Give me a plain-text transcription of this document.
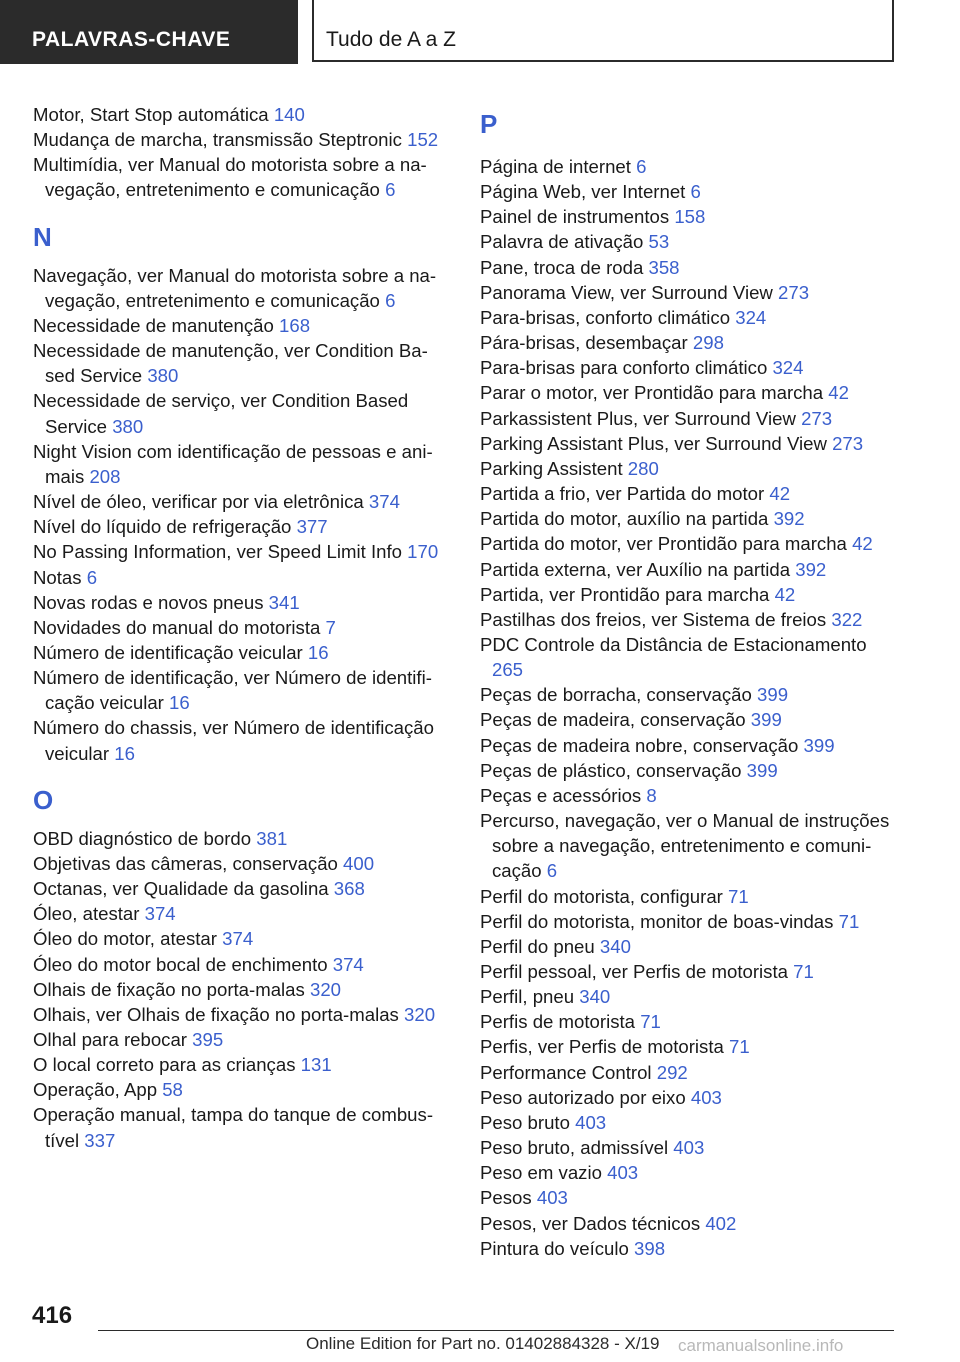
PALAVRAS-CHAVE	Tudo de A a Z
Motor, Start Stop automática 140
Mudança de marcha, transmissão Steptronic 152
Multimídia, ver Manual do motorista sobre a navegação, entretenimento e comunicação 6
N
Navegação, ver Manual do motorista sobre a navegação, entretenimento e comunicação 6
Necessidade de manutenção 168
Necessidade de manutenção, ver Condition Based Service 380
Necessidade de serviço, ver Condition Based Service 380
Night Vision com identificação de pessoas e animais 208
Nível de óleo, verificar por via eletrônica 374
Nível do líquido de refrigeração 377
No Passing Information, ver Speed Limit Info 170
Notas 6
Novas rodas e novos pneus 341
Novidades do manual do motorista 7
Número de identificação veicular 16
Número de identificação, ver Número de identificação veicular 16
Número do chassis, ver Número de identificação veicular 16
O
OBD diagnóstico de bordo 381
Objetivas das câmeras, conservação 400
Octanas, ver Qualidade da gasolina 368
Óleo, atestar 374
Óleo do motor, atestar 374
Óleo do motor bocal de enchimento 374
Olhais de fixação no porta-malas 320
Olhais, ver Olhais de fixação no porta-malas 320
Olhal para rebocar 395
O local correto para as crianças 131
Operação, App 58
Operação manual, tampa do tanque de combustível 337
P
Página de internet 6
Página Web, ver Internet 6
Painel de instrumentos 158
Palavra de ativação 53
Pane, troca de roda 358
Panorama View, ver Surround View 273
Para-brisas, conforto climático 324
Pára-brisas, desembaçar 298
Para-brisas para conforto climático 324
Parar o motor, ver Prontidão para marcha 42
Parkassistent Plus, ver Surround View 273
Parking Assistant Plus, ver Surround View 273
Parking Assistent 280
Partida a frio, ver Partida do motor 42
Partida do motor, auxílio na partida 392
Partida do motor, ver Prontidão para marcha 42
Partida externa, ver Auxílio na partida 392
Partida, ver Prontidão para marcha 42
Pastilhas dos freios, ver Sistema de freios 322
PDC Controle da Distância de Estacionamento 265
Peças de borracha, conservação 399
Peças de madeira, conservação 399
Peças de madeira nobre, conservação 399
Peças de plástico, conservação 399
Peças e acessórios 8
Percurso, navegação, ver o Manual de instruções sobre a navegação, entretenimento e comunicação 6
Perfil do motorista, configurar 71
Perfil do motorista, monitor de boas-vindas 71
Perfil do pneu 340
Perfil pessoal, ver Perfis de motorista 71
Perfil, pneu 340
Perfis de motorista 71
Perfis, ver Perfis de motorista 71
Performance Control 292
Peso autorizado por eixo 403
Peso bruto 403
Peso bruto, admissível 403
Peso em vazio 403
Pesos 403
Pesos, ver Dados técnicos 402
Pintura do veículo 398
416
Online Edition for Part no. 01402884328 - X/19 carmanualsonline.info
